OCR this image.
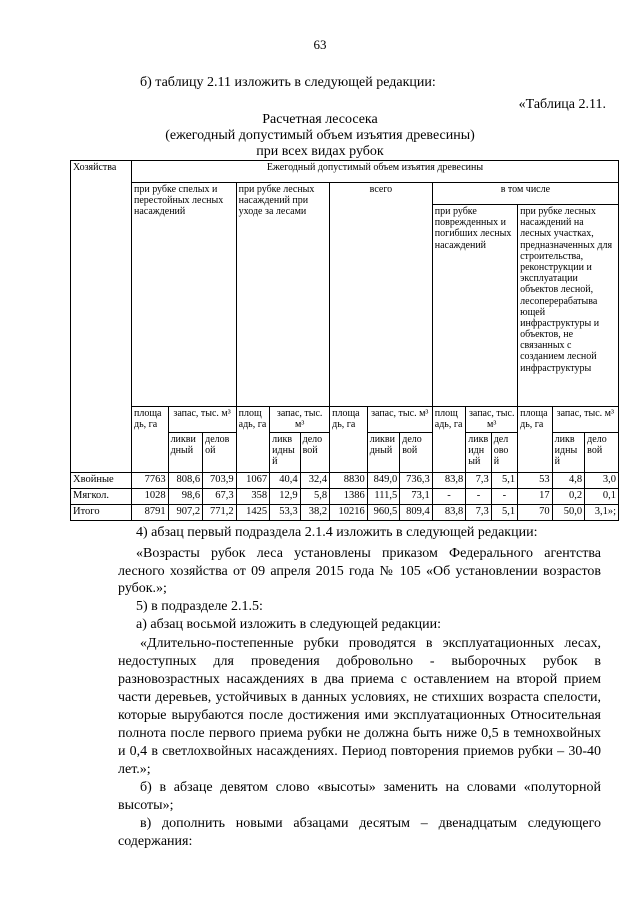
63
б) таблицу 2.11 изложить в следующей редакции:
«Таблица 2.11.
Расчетная лесосека
(ежегодный допустимый объем изъятия древесины)
при всех видах рубок
Хозяйства	Ежегодный допустимый объем изъятия древесины														
	при рубке спелых и перестойных лесных насаждений			при рубке лесных насаждений при уходе за лесами			всего			в том числе					
										при рубке поврежденных и погибших лесных насаждений			при рубке лесных насаждений на лесных участках, предназначенных для строительства, реконструкции и эксплуатации объектов лесной, лесоперерабатыва ющей инфраструктуры и объектов, не связанных с созданием лесной инфраструктуры		
	площа дь, га	запас, тыс. м³		площ адь, га	запас, тыс. м³		площа дь, га	запас, тыс. м³		площ адь, га	запас, тыс. м³		площа дь, га	запас, тыс. м³	
		ликви дный	делов ой		ликв идны й	дело вой		ликви дный	дело вой		ликв идн ый	дел ово й		ликв идны й	дело вой
Хвойные	7763	808,6	703,9	1067	40,4	32,4	8830	849,0	736,3	83,8	7,3	5,1	53	4,8	3,0
Мягкол.	1028	98,6	67,3	358	12,9	5,8	1386	111,5	73,1	-	-	-	17	0,2	0,1
Итого	8791	907,2	771,2	1425	53,3	38,2	10216	960,5	809,4	83,8	7,3	5,1	70	50,0	3,1»;
4) абзац первый подраздела 2.1.4 изложить в следующей редакции:
«Возрасты рубок леса установлены приказом Федерального агентства
лесного хозяйства от 09 апреля 2015 года № 105 «Об установлении возрастов
рубок.»;
5) в подразделе 2.1.5:
а) абзац восьмой изложить в следующей редакции:
«Длительно-постепенные рубки проводятся в эксплуатационных лесах, недоступных для проведения добровольно - выборочных рубок в разновозрастных насаждениях в два приема с оставлением на второй прием части деревьев, устойчивых в данных условиях, не стихших возраста спелости, которые вырубаются после достижения ими эксплуатационных Относительная полнота после первого приема рубки не должна быть ниже 0,5 в темнохвойных и 0,4 в светлохвойных насаждениях. Период повторения приемов рубки – 30-40 лет.»;
б) в абзаце девятом слово «высоты» заменить на словами «полуторной высоты»;
в) дополнить новыми абзацами десятым – двенадцатым следующего содержания:
